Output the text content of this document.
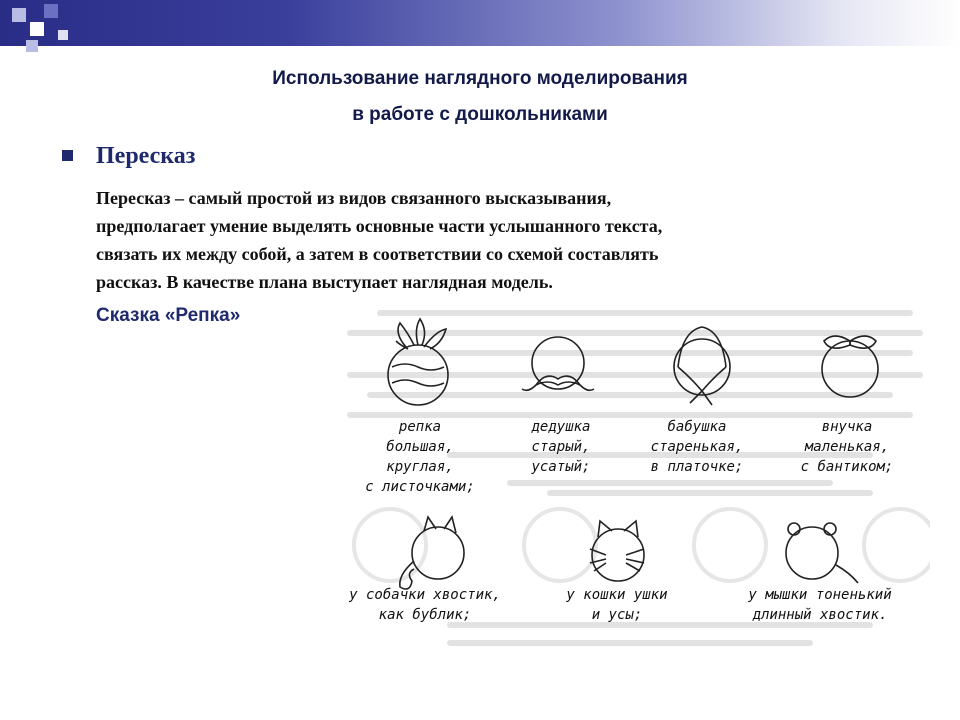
Использование наглядного моделирования
в работе с дошкольниками
Пересказ
Пересказ – самый простой из видов связанного высказывания,
предполагает умение выделять основные части услышанного текста,
связать их между собой, а затем в соответствии со схемой составлять
рассказ. В качестве плана выступает наглядная модель.
Сказка «Репка»
репка
большая,
круглая,
с листочками;
дедушка
старый,
усатый;
бабушка
старенькая,
в платочке;
внучка
маленькая,
с бантиком;
у собачки хвостик,
как бублик;
у кошки ушки
и усы;
у мышки тоненький
длинный хвостик.
